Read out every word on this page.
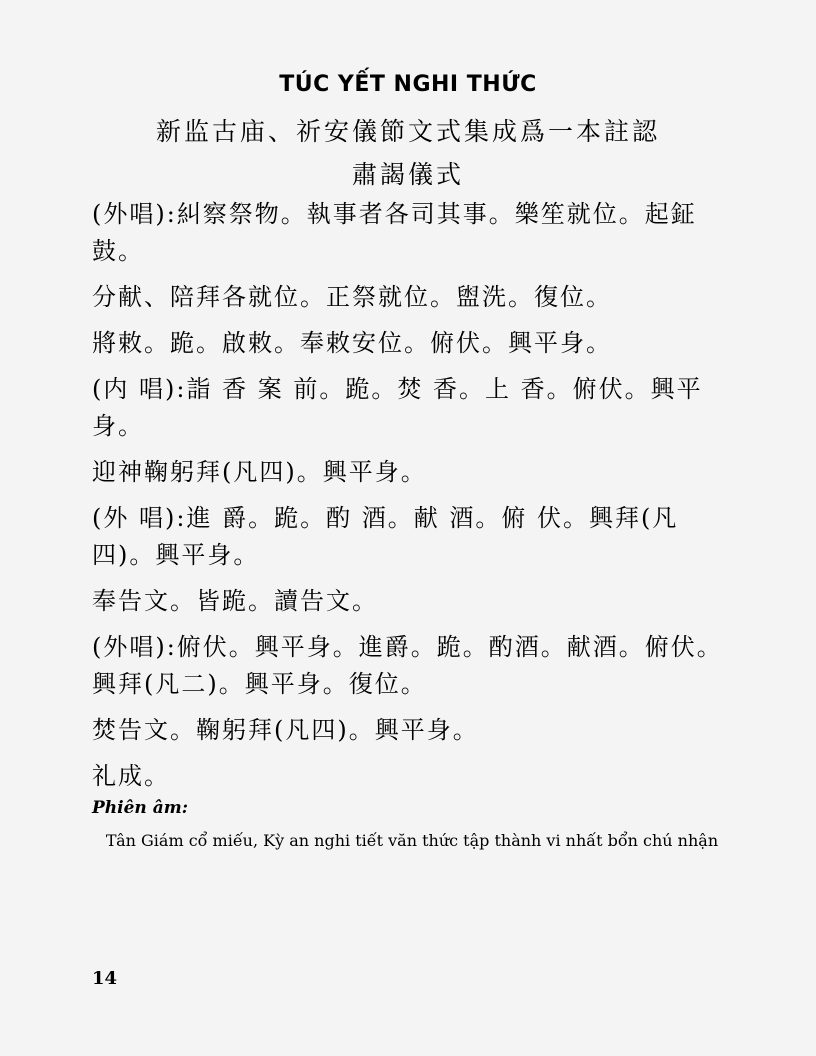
TÚC YẾT NGHI THỨC
新监古庙、祈安儀節文式集成爲一本註認
肅謁儀式

(外唱):糾察祭物。執事者各司其事。樂笙就位。起鉦鼓。

分献、陪拜各就位。正祭就位。盥洗。復位。

將敕。跪。啟敕。奉敕安位。俯伏。興平身。

(内 唱):詣 香 案 前。跪。焚 香。上 香。俯伏。興平身。

迎神鞠躬拜(凡四)。興平身。

(外 唱):進 爵。跪。酌 酒。献 酒。俯 伏。興拜(凡四)。興平身。

奉告文。皆跪。讀告文。

(外唱):俯伏。興平身。進爵。跪。酌酒。献酒。俯伏。興拜(凡二)。興平身。復位。

焚告文。鞠躬拜(凡四)。興平身。

礼成。

Phiên âm:
Tân Giám cổ miếu, Kỳ an nghi tiết văn thức tập thành vi nhất bổn chú nhận
14
